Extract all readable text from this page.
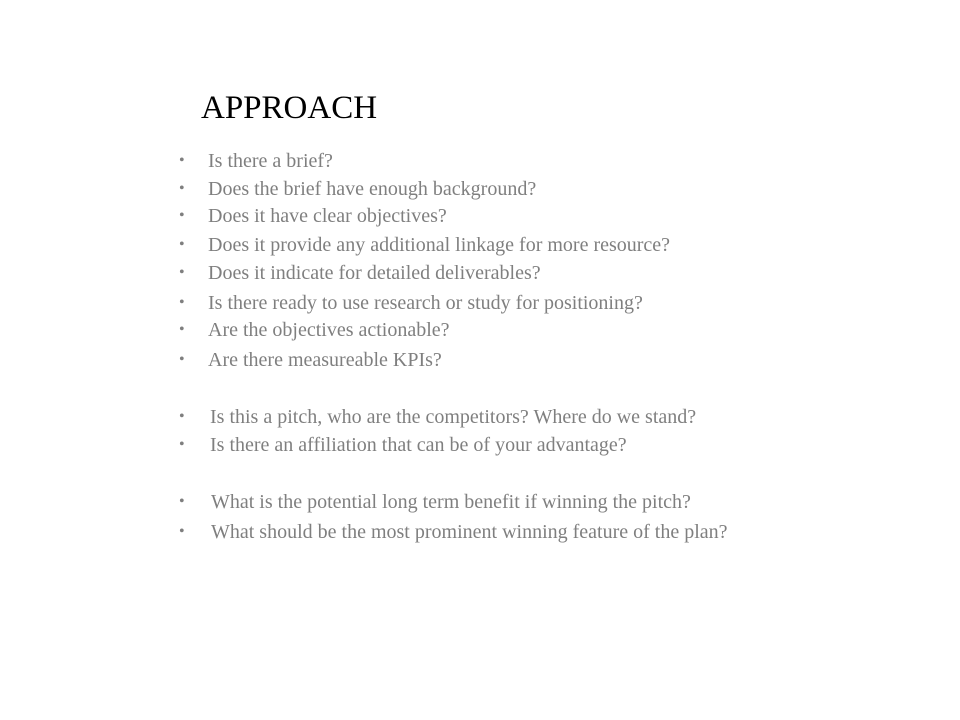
APPROACH
• Is there a brief?
• Does the brief have enough background?
• Does it have clear objectives?
• Does it provide any additional linkage for more resource?
• Does it indicate for detailed deliverables?
• Is there ready to use research or study for positioning?
• Are the objectives actionable?
• Are there measureable KPIs?
• Is this a pitch, who are the competitors? Where do we stand?
• Is there an affiliation that can be of your advantage?
• What is the potential long term benefit if winning the pitch?
• What should be the most prominent winning feature of the plan?
